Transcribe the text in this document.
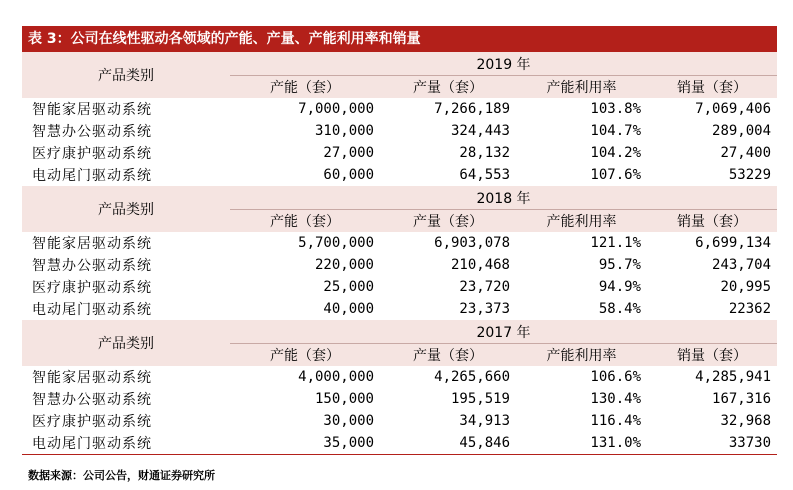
表 3：公司在线性驱动各领域的产能、产量、产能利用率和销量
产品类别	2019 年			
	产能（套）	产量（套）	产能利用率	销量（套）
智能家居驱动系统	7,000,000	7,266,189	103.8%	7,069,406
智慧办公驱动系统	310,000	324,443	104.7%	289,004
医疗康护驱动系统	27,000	28,132	104.2%	27,400
电动尾门驱动系统	60,000	64,553	107.6%	53229
产品类别	2018 年			
	产能（套）	产量（套）	产能利用率	销量（套）
智能家居驱动系统	5,700,000	6,903,078	121.1%	6,699,134
智慧办公驱动系统	220,000	210,468	95.7%	243,704
医疗康护驱动系统	25,000	23,720	94.9%	20,995
电动尾门驱动系统	40,000	23,373	58.4%	22362
产品类别	2017 年			
	产能（套）	产量（套）	产能利用率	销量（套）
智能家居驱动系统	4,000,000	4,265,660	106.6%	4,285,941
智慧办公驱动系统	150,000	195,519	130.4%	167,316
医疗康护驱动系统	30,000	34,913	116.4%	32,968
电动尾门驱动系统	35,000	45,846	131.0%	33730
数据来源：公司公告，财通证券研究所
